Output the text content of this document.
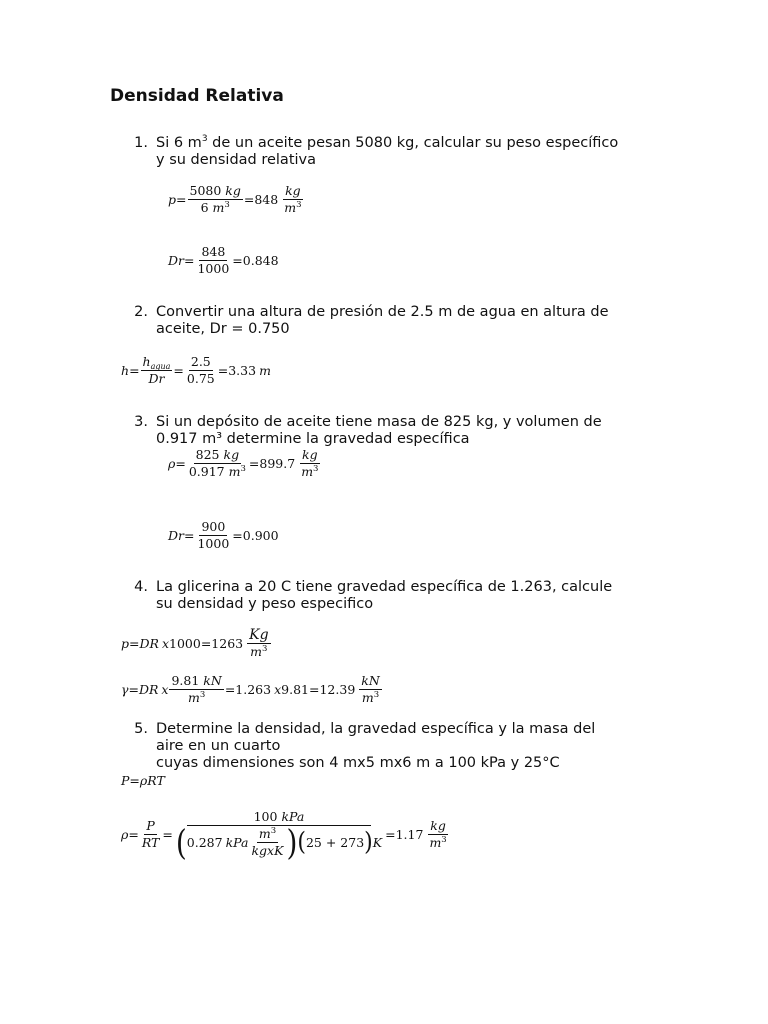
Densidad Relativa
1. Si 6 $m^3$ de un aceite pesan 5080 kg, calcular su peso específico
y su densidad relativa
$p = \frac{5080 kg}{6 m^3} = 848 \frac{kg}{m^3}$
$Dr = \frac{848}{1000} = 0.848$
2. Convertir una altura de presión de 2.5 m de agua en altura de
aceite, Dr = 0.750
$h = \frac{h_{agua}}{Dr} = \frac{2.5}{0.75} = 3.33$ m
3. Si un depósito de aceite tiene masa de 825 kg, y volumen de
0.917 m³ determine la gravedad específica
$\rho = \frac{825 kg}{0.917 m^3} = 899.7 \frac{kg}{m^3}$
$Dr = \frac{900}{1000} = 0.900$
4. La glicerina a 20 C tiene gravedad específica de 1.263, calcule
su densidad y peso especifico
p = DR x $1000 = 1263 \frac{Kg}{m^3}$
γ = DR x $\frac{9.81 kN}{m^3} = 1.263$ x $9.81 = 12.39 \frac{kN}{m^3}$
5. Determine la densidad, la gravedad específica y la masa del
aire en un cuarto
cuyas dimensiones son 4 mx5 mx6 m a 100 kPa y 25°C
P = ρ RT
$\rho = \frac{P}{RT} = \frac{\text{100 kPa}}{( 0.287 kPa \frac{m^3}{\text{kgxK}} ) ( 25 + 273 ) K} = 1.17 \frac{kg}{m^3}$
